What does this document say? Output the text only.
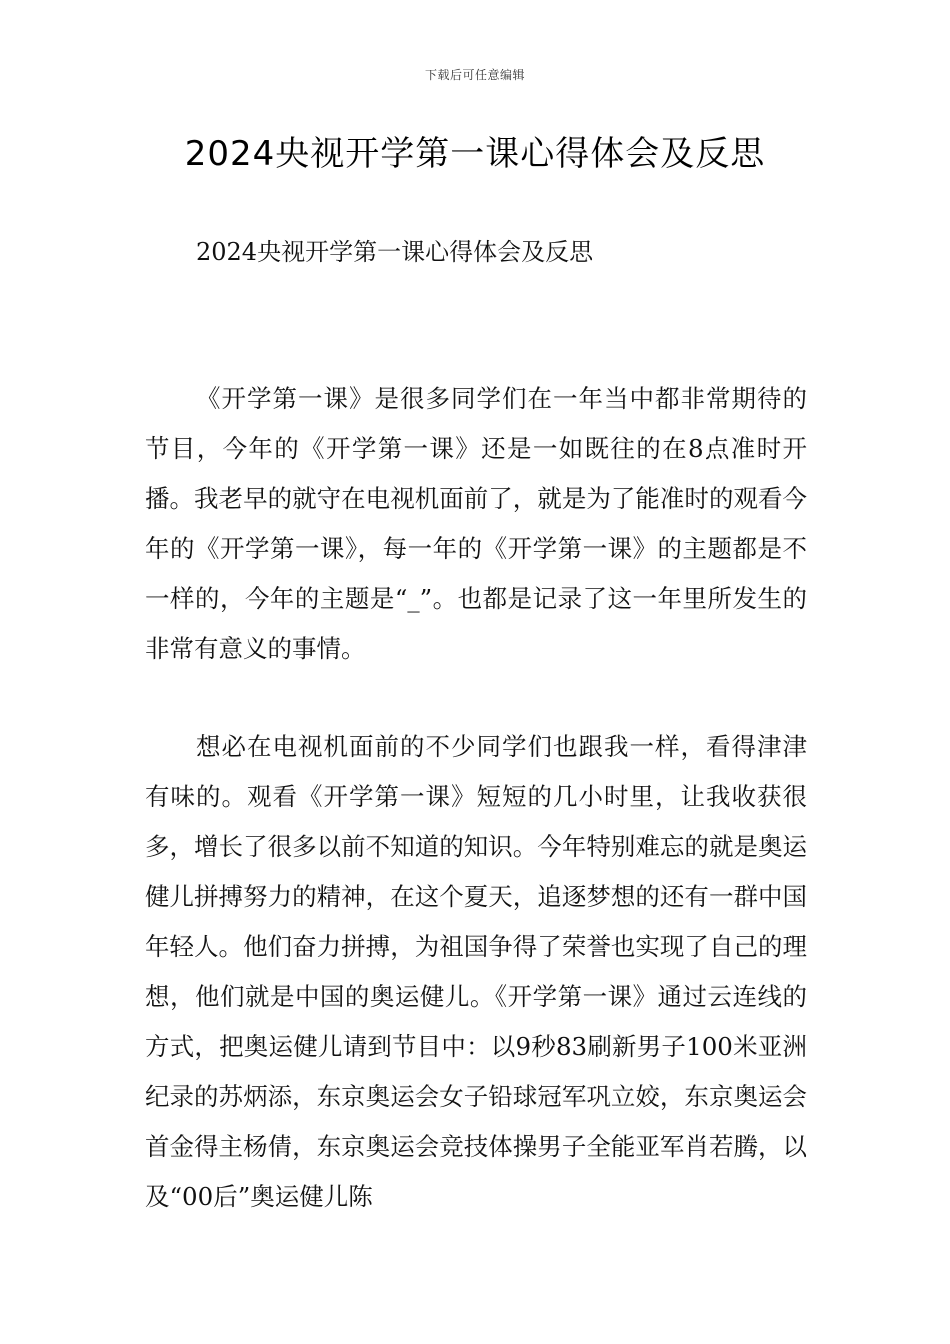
下载后可任意编辑
2024央视开学第一课心得体会及反思

2024央视开学第一课心得体会及反思

《开学第一课》是很多同学们在一年当中都非常期待的节目，今年的《开学第一课》还是一如既往的在8点准时开播。我老早的就守在电视机面前了，就是为了能准时的观看今年的《开学第一课》，每一年的《开学第一课》的主题都是不一样的，今年的主题是“_”。也都是记录了这一年里所发生的非常有意义的事情。

想必在电视机面前的不少同学们也跟我一样，看得津津有味的。观看《开学第一课》短短的几小时里，让我收获很多，增长了很多以前不知道的知识。今年特别难忘的就是奥运健儿拼搏努力的精神，在这个夏天，追逐梦想的还有一群中国年轻人。他们奋力拼搏，为祖国争得了荣誉也实现了自己的理想，他们就是中国的奥运健儿。《开学第一课》通过云连线的方式，把奥运健儿请到节目中：以9秒83刷新男子100米亚洲纪录的苏炳添，东京奥运会女子铅球冠军巩立姣，东京奥运会首金得主杨倩，东京奥运会竞技体操男子全能亚军肖若腾，以及“00后”奥运健儿陈
